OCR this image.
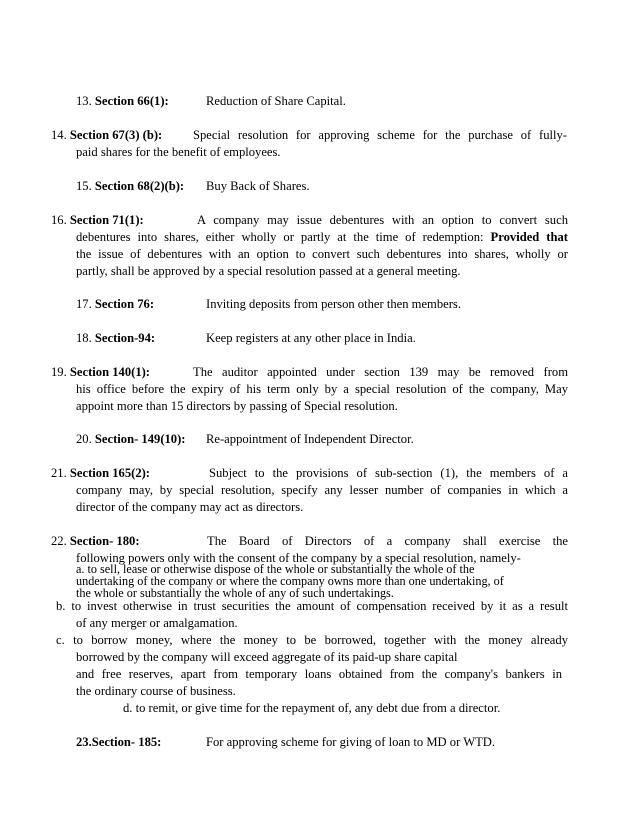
13. Section 66(1):	Reduction of Share Capital.
14. Section 67(3) (b): Special resolution for approving scheme for the purchase of fully-
paid shares for the benefit of employees.
15. Section 68(2)(b): Buy Back of Shares.
16. Section 71(1):	A company may issue debentures with an option to convert such
debentures into shares, either wholly or partly at the time of redemption: Provided that
the issue of debentures with an option to convert such debentures into shares, wholly or
partly, shall be approved by a special resolution passed at a general meeting.
17. Section 76:	Inviting deposits from person other then members.
18. Section-94:	Keep registers at any other place in India.
19. Section 140(1):	The auditor appointed under section 139 may be removed from
his office before the expiry of his term only by a special resolution of the company, May
appoint more than 15 directors by passing of Special resolution.
20. Section- 149(10): Re-appointment of Independent Director.
21. Section 165(2):	Subject to the provisions of sub-section (1), the members of a
company may, by special resolution, specify any lesser number of companies in which a
director of the company may act as directors.
22. Section- 180:	The Board of Directors of a company shall exercise the
following powers only with the consent of the company by a special resolution, namely-
a. to sell, lease or otherwise dispose of the whole or substantially the whole of the
undertaking of the company or where the company owns more than one undertaking, of
the whole or substantially the whole of any of such undertakings.
b. to invest otherwise in trust securities the amount of compensation received by it as a result
of any merger or amalgamation.
c. to borrow money, where the money to be borrowed, together with the money already
borrowed by the company will exceed aggregate of its paid-up share capital
and free reserves, apart from temporary loans obtained from the company's bankers in
the ordinary course of business.
d. to remit, or give time for the repayment of, any debt due from a director.
23.Section- 185:	For approving scheme for giving of loan to MD or WTD.
